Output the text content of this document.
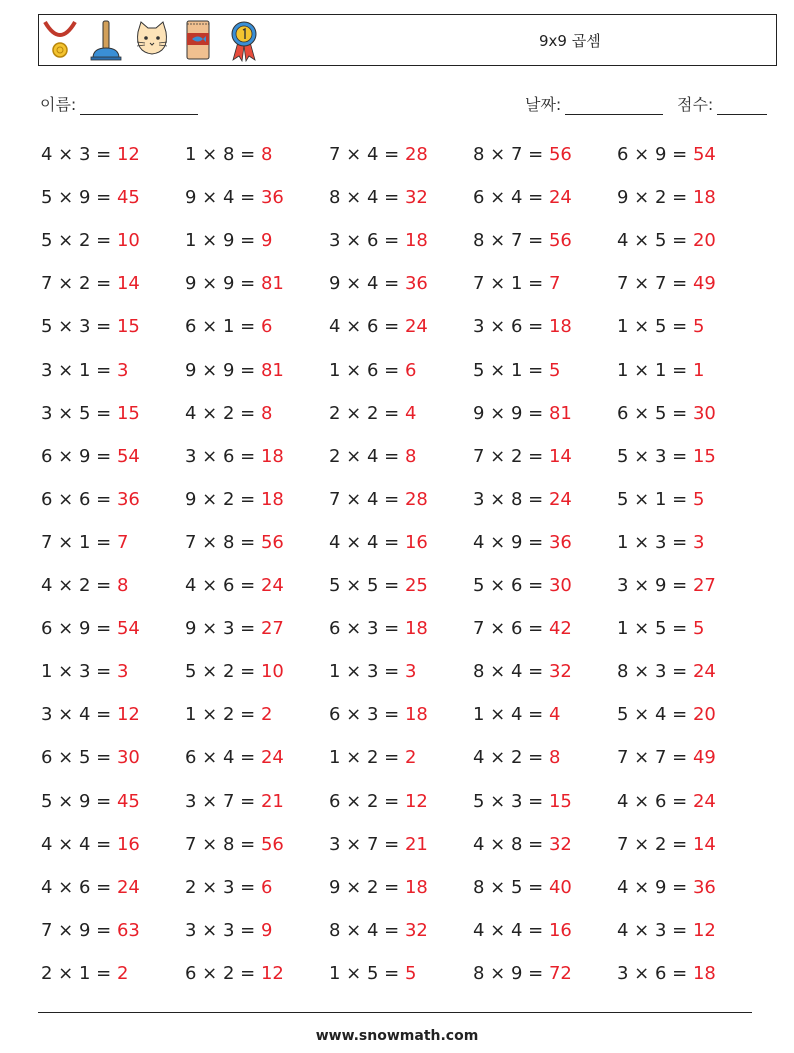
9x9 곱셈
이름:	날짜:	점수:
4 × 3 = 12	1 × 8 = 8	7 × 4 = 28	8 × 7 = 56	6 × 9 = 54
5 × 9 = 45	9 × 4 = 36	8 × 4 = 32	6 × 4 = 24	9 × 2 = 18
5 × 2 = 10	1 × 9 = 9	3 × 6 = 18	8 × 7 = 56	4 × 5 = 20
7 × 2 = 14	9 × 9 = 81	9 × 4 = 36	7 × 1 = 7	7 × 7 = 49
5 × 3 = 15	6 × 1 = 6	4 × 6 = 24	3 × 6 = 18	1 × 5 = 5
3 × 1 = 3	9 × 9 = 81	1 × 6 = 6	5 × 1 = 5	1 × 1 = 1
3 × 5 = 15	4 × 2 = 8	2 × 2 = 4	9 × 9 = 81	6 × 5 = 30
6 × 9 = 54	3 × 6 = 18	2 × 4 = 8	7 × 2 = 14	5 × 3 = 15
6 × 6 = 36	9 × 2 = 18	7 × 4 = 28	3 × 8 = 24	5 × 1 = 5
7 × 1 = 7	7 × 8 = 56	4 × 4 = 16	4 × 9 = 36	1 × 3 = 3
4 × 2 = 8	4 × 6 = 24	5 × 5 = 25	5 × 6 = 30	3 × 9 = 27
6 × 9 = 54	9 × 3 = 27	6 × 3 = 18	7 × 6 = 42	1 × 5 = 5
1 × 3 = 3	5 × 2 = 10	1 × 3 = 3	8 × 4 = 32	8 × 3 = 24
3 × 4 = 12	1 × 2 = 2	6 × 3 = 18	1 × 4 = 4	5 × 4 = 20
6 × 5 = 30	6 × 4 = 24	1 × 2 = 2	4 × 2 = 8	7 × 7 = 49
5 × 9 = 45	3 × 7 = 21	6 × 2 = 12	5 × 3 = 15	4 × 6 = 24
4 × 4 = 16	7 × 8 = 56	3 × 7 = 21	4 × 8 = 32	7 × 2 = 14
4 × 6 = 24	2 × 3 = 6	9 × 2 = 18	8 × 5 = 40	4 × 9 = 36
7 × 9 = 63	3 × 3 = 9	8 × 4 = 32	4 × 4 = 16	4 × 3 = 12
2 × 1 = 2	6 × 2 = 12	1 × 5 = 5	8 × 9 = 72	3 × 6 = 18
www.snowmath.com
